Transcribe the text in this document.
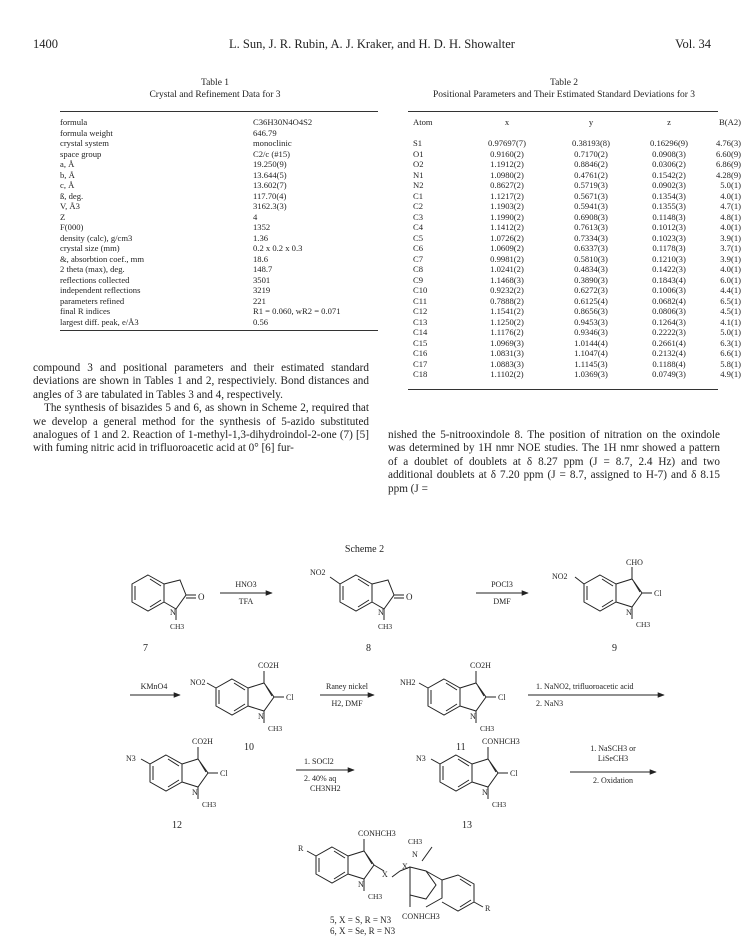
1400	L. Sun, J. R. Rubin, A. J. Kraker, and H. D. H. Showalter	Vol. 34
Table 1
Crystal and Refinement Data for 3
formula	C36H30N4O4S2
formula weight	646.79
crystal system	monoclinic
space group	C2/c (#15)
a, Å	19.250(9)
b, Å	13.644(5)
c, Å	13.602(7)
ß, deg.	117.70(4)
V, Å3	3162.3(3)
Z	4
F(000)	1352
density (calc), g/cm3	1.36
crystal size (mm)	0.2 x 0.2 x 0.3
&, absorbtion coef., mm	18.6
2 theta (max), deg.	148.7
reflections collected	3501
independent reflections	3219
parameters refined	221
final R indices	R1 = 0.060, wR2 = 0.071
largest diff. peak, e/Å3	0.56
Table 2
Positional Parameters and Their Estimated Standard Deviations for 3
Atom	x	y	z	B(A2)
S1	0.97697(7)	0.38193(8)	0.16296(9)	4.76(3)
O1	0.9160(2)	0.7170(2)	0.0908(3)	6.60(9)
O2	1.1912(2)	0.8846(2)	0.0306(2)	6.86(9)
N1	1.0980(2)	0.4761(2)	0.1542(2)	4.28(9)
N2	0.8627(2)	0.5719(3)	0.0902(3)	5.0(1)
C1	1.1217(2)	0.5671(3)	0.1354(3)	4.0(1)
C2	1.1903(2)	0.5941(3)	0.1355(3)	4.7(1)
C3	1.1990(2)	0.6908(3)	0.1148(3)	4.8(1)
C4	1.1412(2)	0.7613(3)	0.1012(3)	4.0(1)
C5	1.0726(2)	0.7334(3)	0.1023(3)	3.9(1)
C6	1.0609(2)	0.6337(3)	0.1178(3)	3.7(1)
C7	0.9981(2)	0.5810(3)	0.1210(3)	3.9(1)
C8	1.0241(2)	0.4834(3)	0.1422(3)	4.0(1)
C9	1.1468(3)	0.3890(3)	0.1843(4)	6.0(1)
C10	0.9232(2)	0.6272(3)	0.1006(3)	4.4(1)
C11	0.7888(2)	0.6125(4)	0.0682(4)	6.5(1)
C12	1.1541(2)	0.8656(3)	0.0806(3)	4.5(1)
C13	1.1250(2)	0.9453(3)	0.1264(3)	4.1(1)
C14	1.1176(2)	0.9346(3)	0.2222(3)	5.0(1)
C15	1.0969(3)	1.0144(4)	0.2661(4)	6.3(1)
C16	1.0831(3)	1.1047(4)	0.2132(4)	6.6(1)
C17	1.0883(3)	1.1145(3)	0.1188(4)	5.8(1)
C18	1.1102(2)	1.0369(3)	0.0749(3)	4.9(1)

compound 3 and positional parameters and their estimated standard deviations are shown in Tables 1 and 2, respectiviely. Bond distances and angles of 3 are tabulated in Tables 3 and 4, respectively.

The synthesis of bisazides 5 and 6, as shown in Scheme 2, required that we develop a general method for the synthesis of 5-azido substituted analogues of 1 and 2. Reaction of 1-methyl-1,3-dihydroindol-2-one (7) [5] with fuming nitric acid in trifluoroacetic acid at 0° [6] fur-

nished the 5-nitrooxindole 8. The position of nitration on the oxindole was determined by 1H nmr NOE studies. The 1H nmr showed a pattern of a doublet of doublets at δ 8.27 ppm (J = 8.7, 2.4 Hz) and two additional doublets at δ 7.20 ppm (J = 8.7, assigned to H-7) and δ 8.15 ppm (J =

Scheme 2
O
N
CH3
7
HNO3
TFA
NO2
O
N
CH3
8
POCl3
DMF
CHO
NO2
Cl
N
CH3
9
KMnO4
CO2H
NO2
Cl
N
CH3
10
Raney nickel
H2, DMF
CO2H
NH2
Cl
N
CH3
11
1. NaNO2, trifluoroacetic acid
2. NaN3
CO2H
N3
Cl
N
CH3
12
1. SOCl2
2. 40% aq
CH3NH2
CONHCH3
N3
Cl
N
CH3
13
1. NaSCH3 or
LiSeCH3
2. Oxidation
CONHCH3
R
N
CH3
X
X
N
CH3
CONHCH3
R
5, X = S, R = N3
6, X = Se, R = N3
